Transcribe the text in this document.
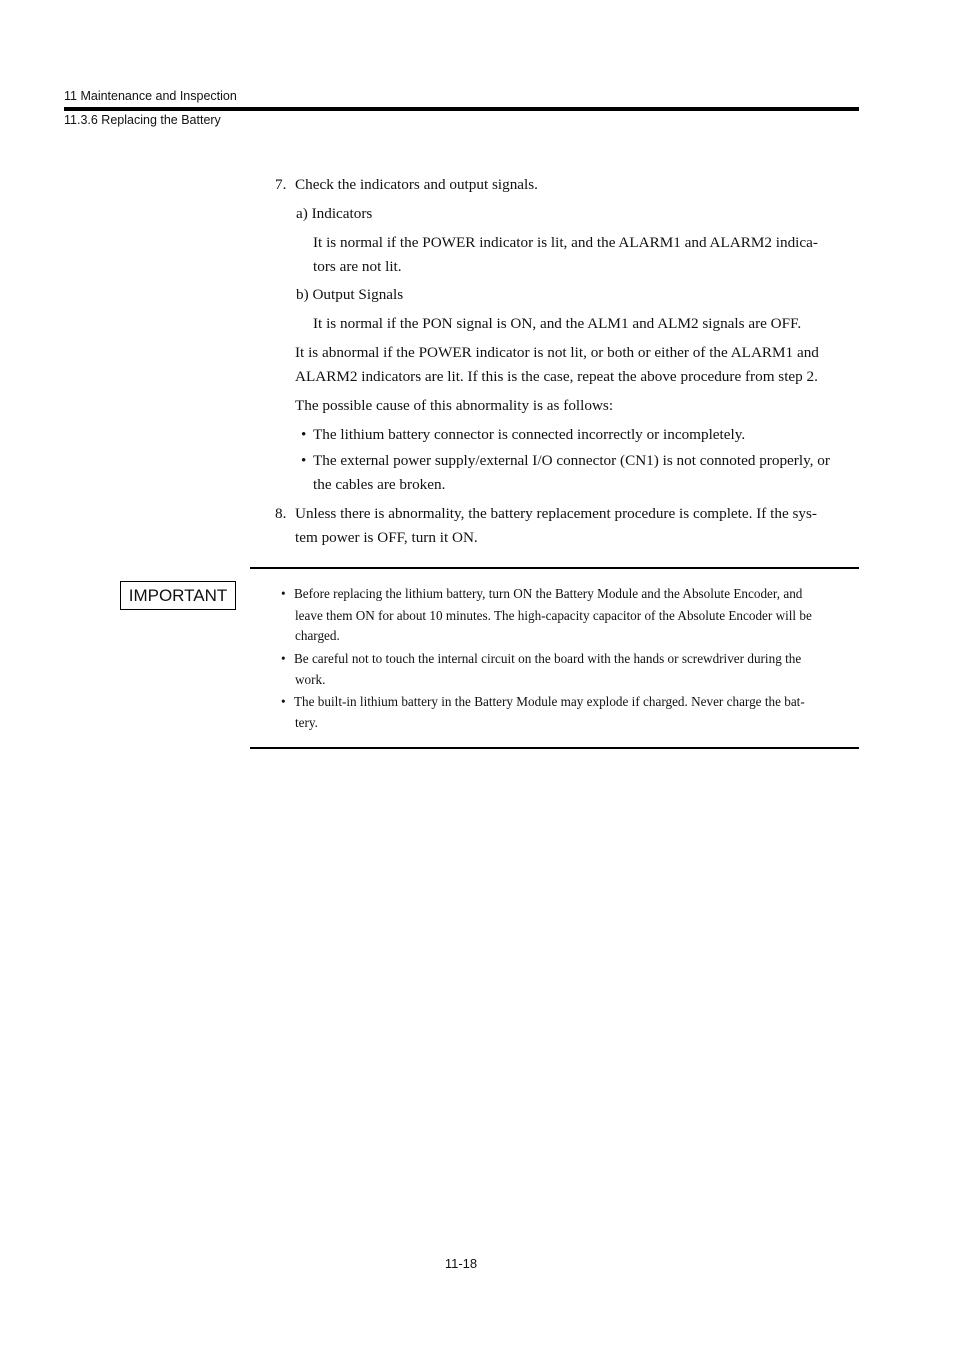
11 Maintenance and Inspection
11.3.6 Replacing the Battery
7. Check the indicators and output signals.
a) Indicators
It is normal if the POWER indicator is lit, and the ALARM1 and ALARM2 indica-
tors are not lit.
b) Output Signals
It is normal if the PON signal is ON, and the ALM1 and ALM2 signals are OFF.
It is abnormal if the POWER indicator is not lit, or both or either of the ALARM1 and
ALARM2 indicators are lit. If this is the case, repeat the above procedure from step 2.
The possible cause of this abnormality is as follows:
• The lithium battery connector is connected incorrectly or incompletely.
• The external power supply/external I/O connector (CN1) is not connoted properly, or
the cables are broken.
8. Unless there is abnormality, the battery replacement procedure is complete. If the sys-
tem power is OFF, turn it ON.
IMPORTANT	• Before replacing the lithium battery, turn ON the Battery Module and the Absolute Encoder, and
leave them ON for about 10 minutes. The high-capacity capacitor of the Absolute Encoder will be
charged.
• Be careful not to touch the internal circuit on the board with the hands or screwdriver during the
work.
• The built-in lithium battery in the Battery Module may explode if charged. Never charge the bat-
tery.
11-18
